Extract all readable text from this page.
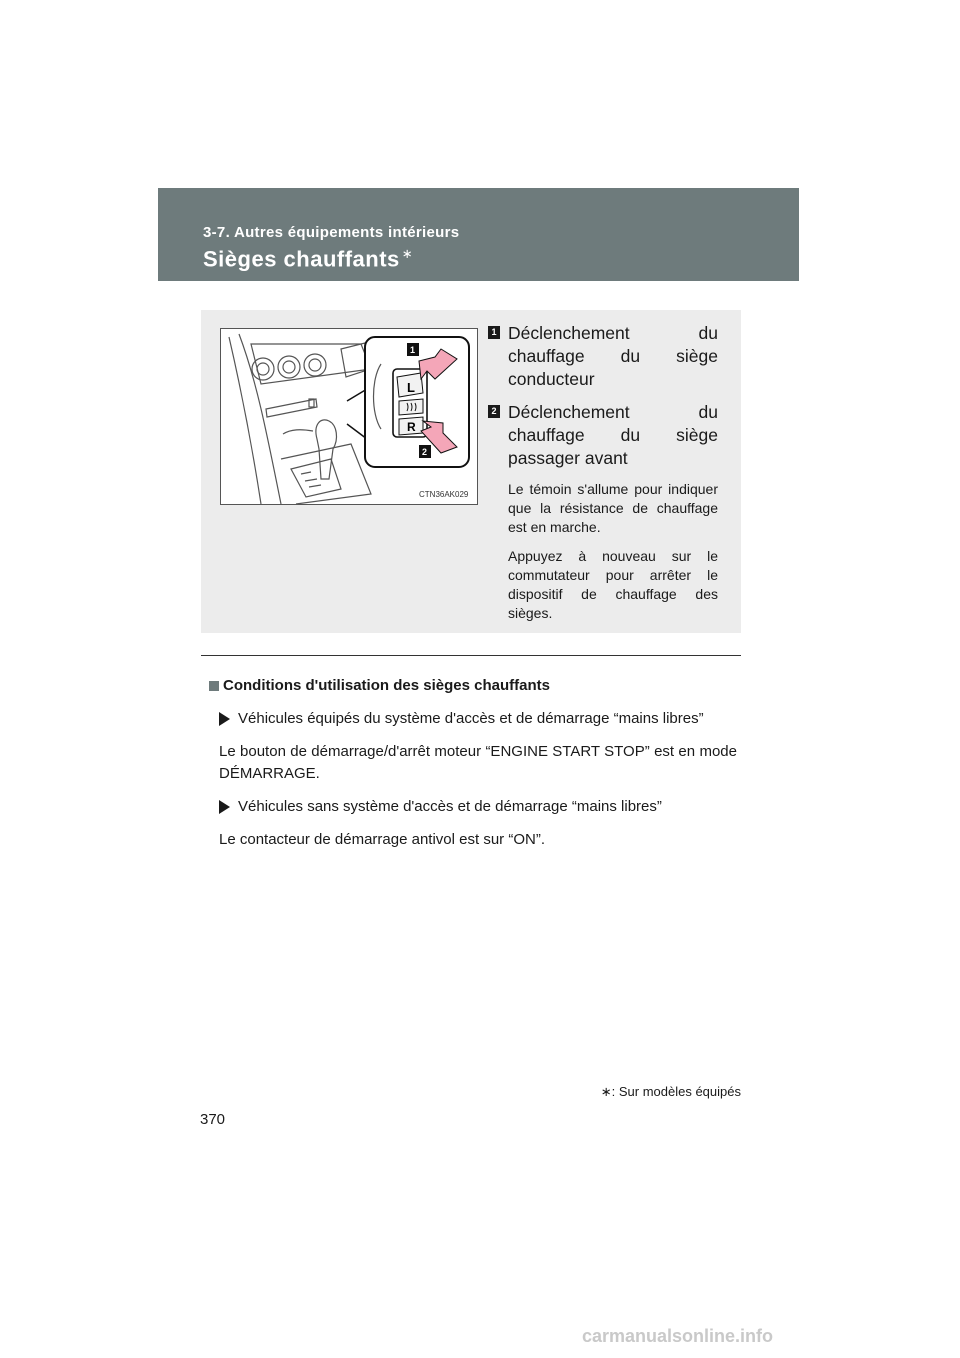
3-7. Autres équipements intérieurs
Sièges chauffants ∗
L
R
1
2
CTN36AK029
1 Déclenchement du chauffage du siège conducteur
2 Déclenchement du chauffage du siège passager avant
Le témoin s'allume pour indiquer que la résistance de chauffage est en marche.
Appuyez à nouveau sur le commutateur pour arrêter le dispositif de chauffage des sièges.
Conditions d'utilisation des sièges chauffants
Véhicules équipés du système d'accès et de démarrage “mains libres”
Le bouton de démarrage/d'arrêt moteur “ENGINE START STOP” est en mode DÉMARRAGE.
Véhicules sans système d'accès et de démarrage “mains libres”
Le contacteur de démarrage antivol est sur “ON”.
∗: Sur modèles équipés
370
carmanualsonline.info
